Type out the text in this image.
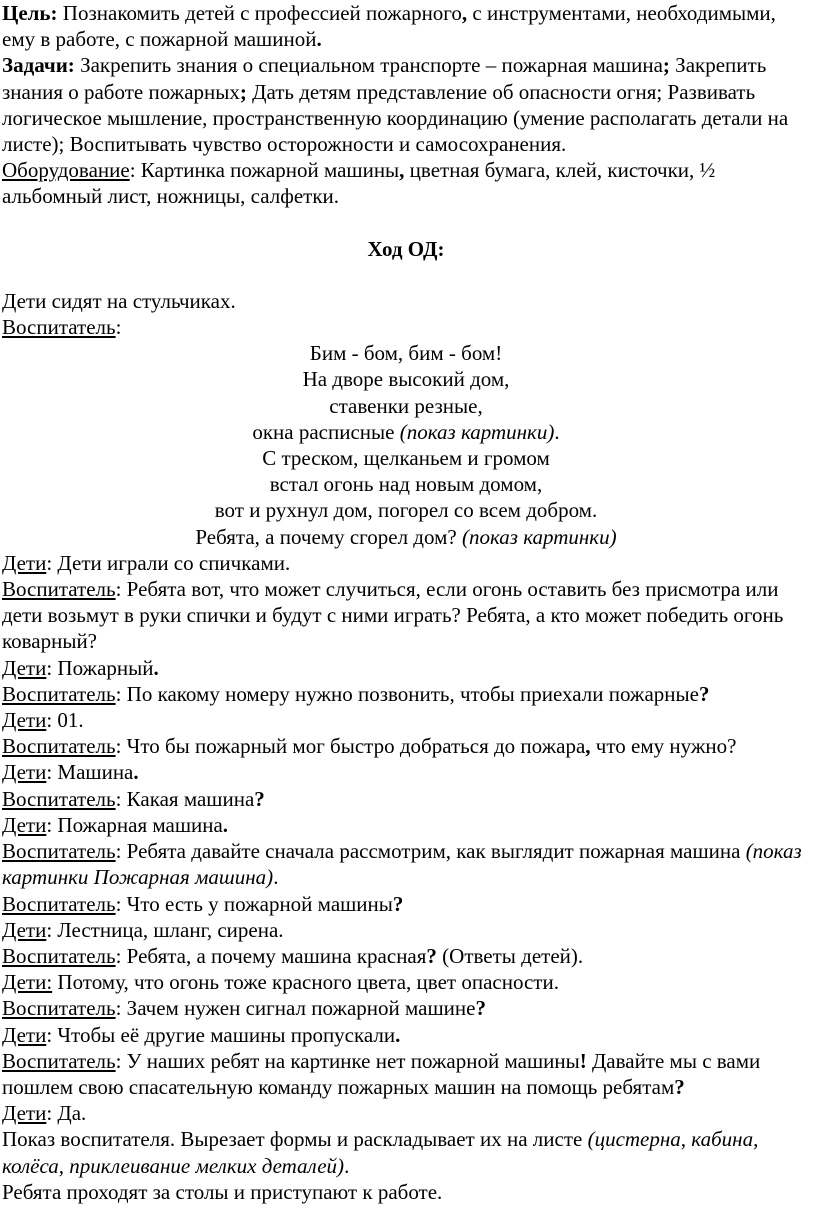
Цель: Познакомить детей с профессией пожарного, с инструментами, необходимыми, ему в работе, с пожарной машиной.

Задачи: Закрепить знания о специальном транспорте – пожарная машина; Закрепить знания о работе пожарных; Дать детям представление об опасности огня; Развивать логическое мышление, пространственную координацию (умение располагать детали на листе); Воспитывать чувство осторожности и самосохранения.

Оборудование: Картинка пожарной машины, цветная бумага, клей, кисточки, ½ альбомный лист, ножницы, салфетки.

Ход ОД:

Дети сидят на стульчиках.

Воспитатель:

Бим - бом, бим - бом!

На дворе высокий дом,

ставенки резные,

окна расписные (показ картинки).

С треском, щелканьем и громом

встал огонь над новым домом,

вот и рухнул дом, погорел со всем добром.

Ребята, а почему сгорел дом? (показ картинки)

Дети: Дети играли со спичками.

Воспитатель: Ребята вот, что может случиться, если огонь оставить без присмотра или дети возьмут в руки спички и будут с ними играть? Ребята, а кто может победить огонь коварный?

Дети: Пожарный.

Воспитатель: По какому номеру нужно позвонить, чтобы приехали пожарные?

Дети: 01.

Воспитатель: Что бы пожарный мог быстро добраться до пожара, что ему нужно?

Дети: Машина.

Воспитатель: Какая машина?

Дети: Пожарная машина.

Воспитатель: Ребята давайте сначала рассмотрим, как выглядит пожарная машина (показ картинки Пожарная машина).

Воспитатель: Что есть у пожарной машины?

Дети: Лестница, шланг, сирена.

Воспитатель: Ребята, а почему машина красная? (Ответы детей).

Дети: Потому, что огонь тоже красного цвета, цвет опасности.

Воспитатель: Зачем нужен сигнал пожарной машине?

Дети: Чтобы её другие машины пропускали.

Воспитатель: У наших ребят на картинке нет пожарной машины! Давайте мы с вами пошлем свою спасательную команду пожарных машин на помощь ребятам?

Дети: Да.

Показ воспитателя. Вырезает формы и раскладывает их на листе (цистерна, кабина, колёса, приклеивание мелких деталей).

Ребята проходят за столы и приступают к работе.
